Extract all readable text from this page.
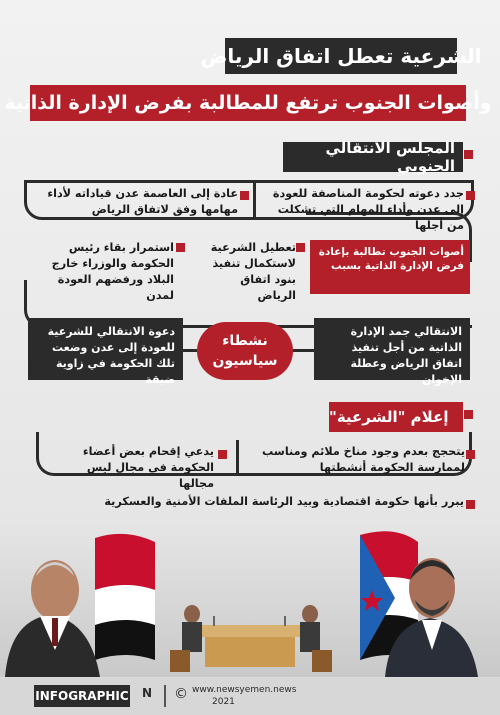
الشرعية تعطل اتفاق الرياض
وأصوات الجنوب ترتفع للمطالبة بفرض الإدارة الذاتية
المجلس الانتقالي الجنوبي
جدد دعوته لحكومة المناصفة للعودة إلى عدن وأداء المهام التي تشكلت من أجلها
عادة إلى العاصمة عدن قياداته لأداء مهامها وفق لاتفاق الرياض
أصوات الجنوب تطالبة بإعادة فرض الإدارة الذاتية بسبب
تعطيل الشرعية لاستكمال تنفيذ بنود اتفاق الرياض
استمرار بقاء رئيس الحكومة والوزراء خارج البلاد ورفضهم العودة لمدن
الانتقالي جمد الإدارة الذاتية من أجل تنفيذ اتفاق الرياض وعطلة الإخوان
نشطاء
سياسيون
دعوة الانتقالي للشرعية للعودة إلى عدن وضعت تلك الحكومة في زاوية ضيقة
إعلام "الشرعية"
يتحجج بعدم وجود مناخ ملائم ومناسب لممارسة الحكومة أنشطتها
يدعي إقحام بعض أعضاء الحكومة في مجال ليس مجالها
يبرر بأنها حكومة اقتصادية وبيد الرئاسة الملفات الأمنية والعسكرية
INFOGRAPHIC N	© www.newsyemen.news
2021
